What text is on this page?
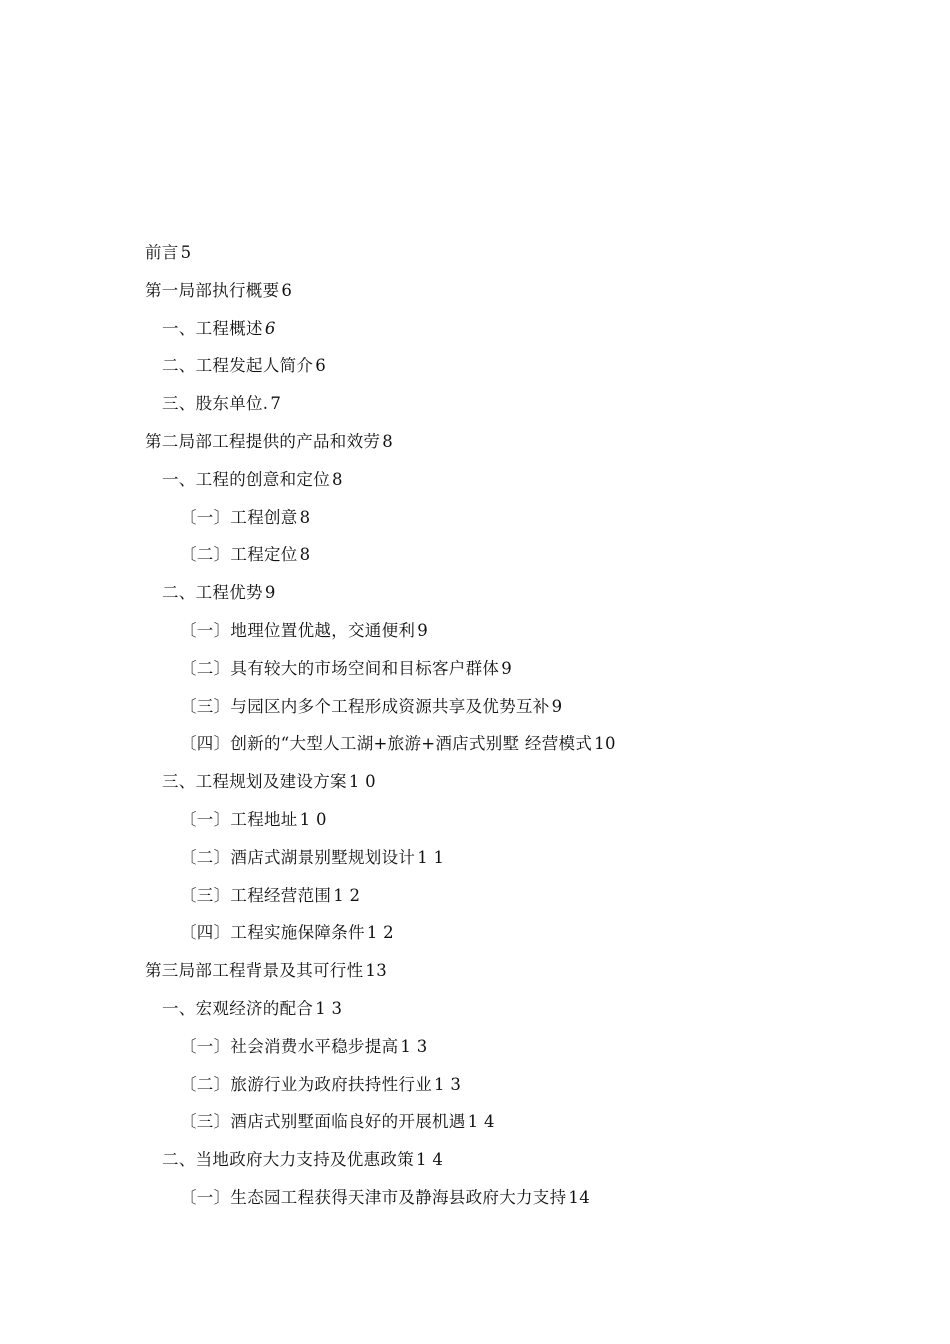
前言 5
第一局部执行概要 6
一、工程概述 6
二、工程发起人简介 6
三、股东单位. 7
第二局部工程提供的产品和效劳 8
一、工程的创意和定位 8
〔一〕工程创意 8
〔二〕工程定位 8
二、工程优势 9
〔一〕地理位置优越，交通便利 9
〔二〕具有较大的市场空间和目标客户群体 9
〔三〕与园区内多个工程形成资源共享及优势互补 9
〔四〕创新的“大型人工湖+旅游+酒店式别墅 经营模式 10
三、工程规划及建设方案 1 0
〔一〕工程地址 1 0
〔二〕酒店式湖景别墅规划设计 1 1
〔三〕工程经营范围 1 2
〔四〕工程实施保障条件 1 2
第三局部工程背景及其可行性 13
一、宏观经济的配合 1 3
〔一〕社会消费水平稳步提高 1 3
〔二〕旅游行业为政府扶持性行业 1 3
〔三〕酒店式别墅面临良好的开展机遇 1 4
二、当地政府大力支持及优惠政策 1 4
〔一〕生态园工程获得天津市及静海县政府大力支持 14
